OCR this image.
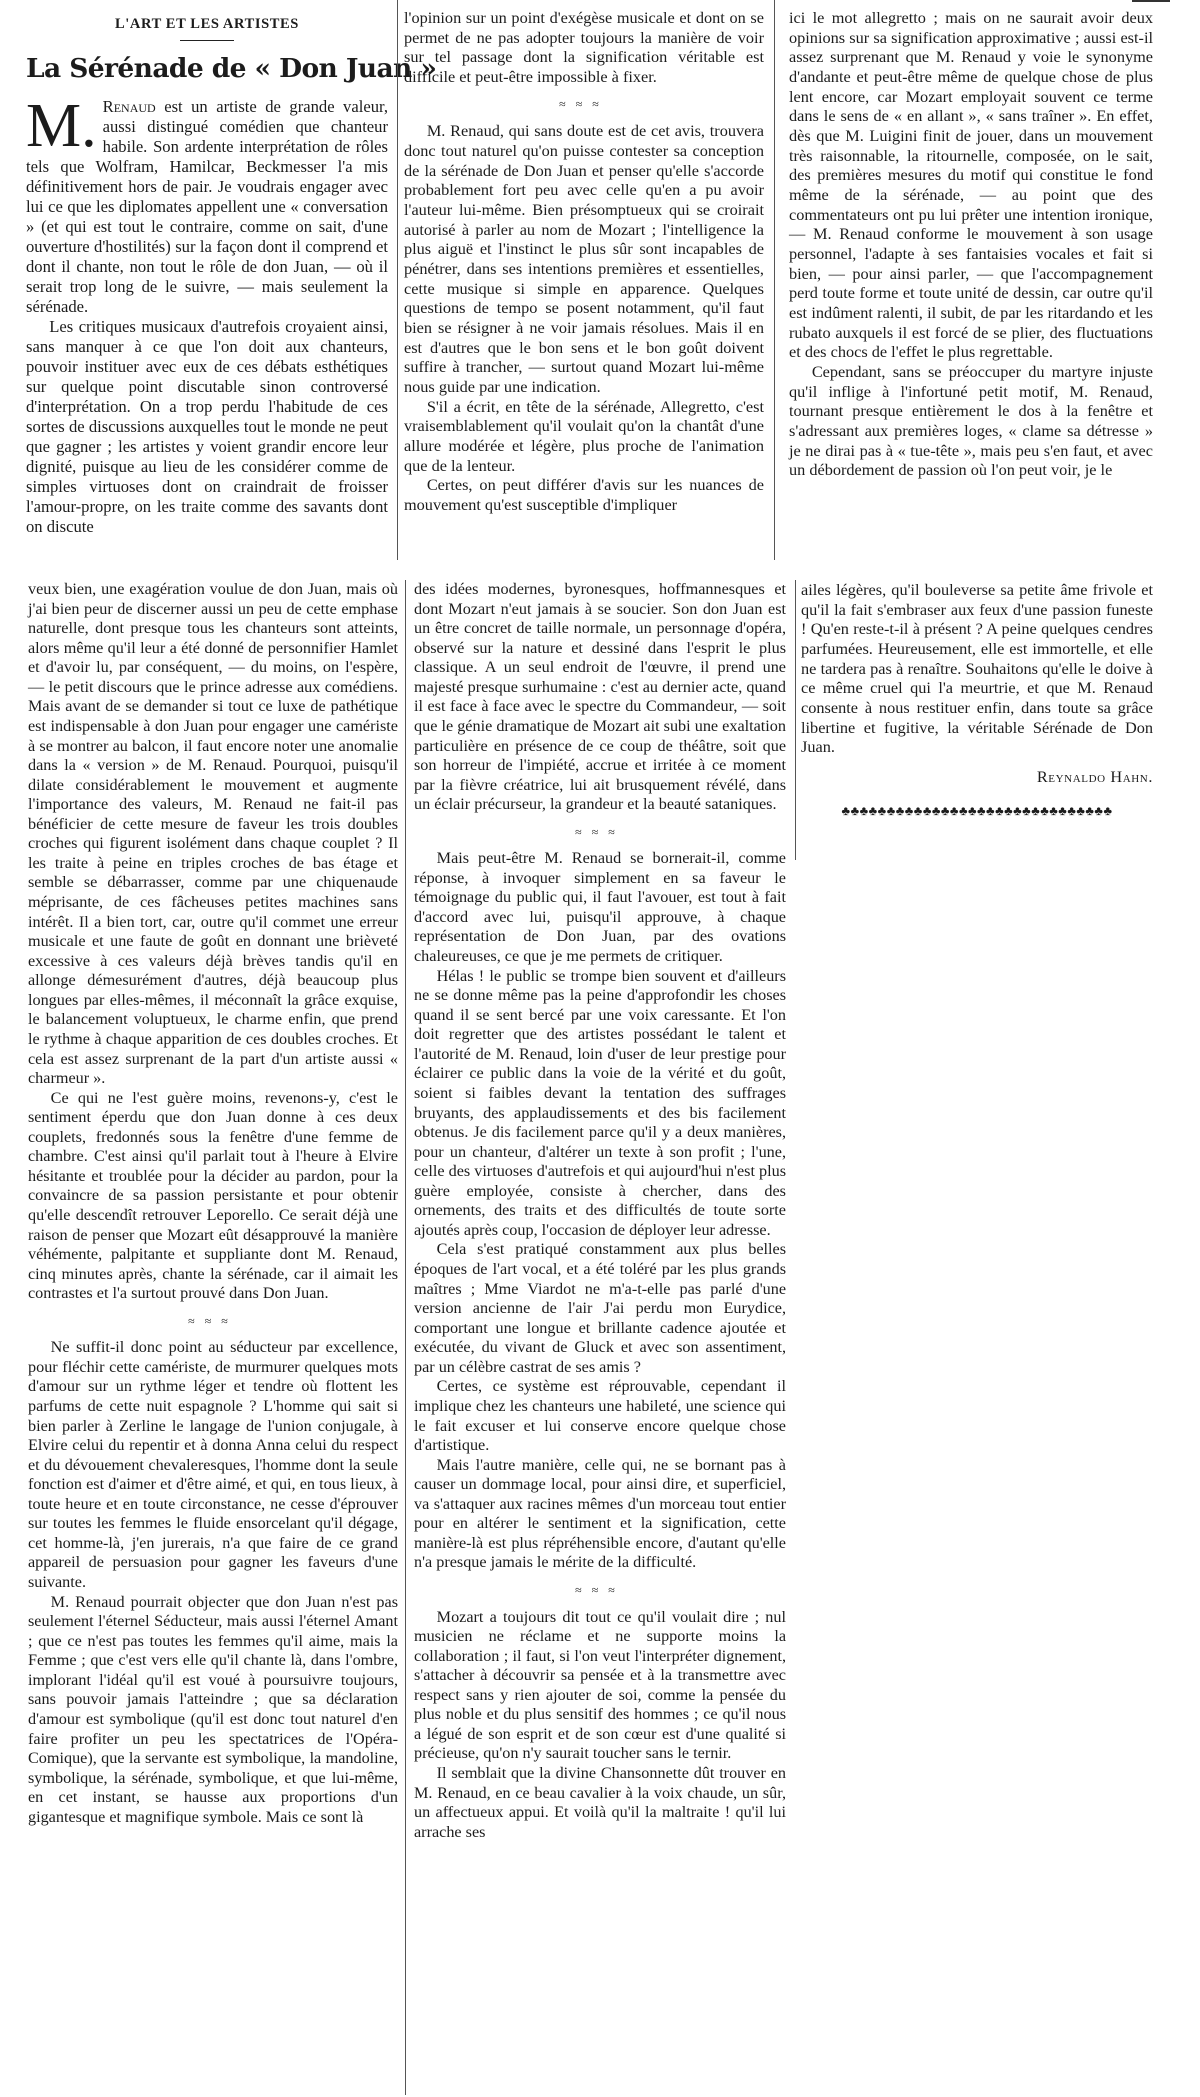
L'ART ET LES ARTISTES
La Sérénade de « Don Juan »

M. Renaud est un artiste de grande valeur, aussi distingué comédien que chanteur habile. Son ardente interprétation de rôles tels que Wolfram, Hamilcar, Beckmesser l'a mis définitivement hors de pair. Je voudrais engager avec lui ce que les diplomates appellent une « conversation » (et qui est tout le contraire, comme on sait, d'une ouverture d'hostilités) sur la façon dont il comprend et dont il chante, non tout le rôle de don Juan, — où il serait trop long de le suivre, — mais seulement la sérénade.

Les critiques musicaux d'autrefois croyaient ainsi, sans manquer à ce que l'on doit aux chanteurs, pouvoir instituer avec eux de ces débats esthétiques sur quelque point discutable sinon controversé d'interprétation. On a trop perdu l'habitude de ces sortes de discussions auxquelles tout le monde ne peut que gagner ; les artistes y voient grandir encore leur dignité, puisque au lieu de les considérer comme de simples virtuoses dont on craindrait de froisser l'amour-propre, on les traite comme des savants dont on discute

l'opinion sur un point d'exégèse musicale et dont on se permet de ne pas adopter toujours la manière de voir sur tel passage dont la signification véritable est difficile et peut-être impossible à fixer.

≈≈≈

M. Renaud, qui sans doute est de cet avis, trouvera donc tout naturel qu'on puisse contester sa conception de la sérénade de Don Juan et penser qu'elle s'accorde probablement fort peu avec celle qu'en a pu avoir l'auteur lui-même. Bien présomptueux qui se croirait autorisé à parler au nom de Mozart ; l'intelligence la plus aiguë et l'instinct le plus sûr sont incapables de pénétrer, dans ses intentions premières et essentielles, cette musique si simple en apparence. Quelques questions de tempo se posent notamment, qu'il faut bien se résigner à ne voir jamais résolues. Mais il en est d'autres que le bon sens et le bon goût doivent suffire à trancher, — surtout quand Mozart lui-même nous guide par une indication.

S'il a écrit, en tête de la sérénade, Allegretto, c'est vraisemblablement qu'il voulait qu'on la chantât d'une allure modérée et légère, plus proche de l'animation que de la lenteur.

Certes, on peut différer d'avis sur les nuances de mouvement qu'est susceptible d'impliquer

ici le mot allegretto ; mais on ne saurait avoir deux opinions sur sa signification approximative ; aussi est-il assez surprenant que M. Renaud y voie le synonyme d'andante et peut-être même de quelque chose de plus lent encore, car Mozart employait souvent ce terme dans le sens de « en allant », « sans traîner ». En effet, dès que M. Luigini finit de jouer, dans un mouvement très raisonnable, la ritournelle, composée, on le sait, des premières mesures du motif qui constitue le fond même de la sérénade, — au point que des commentateurs ont pu lui prêter une intention ironique, — M. Renaud conforme le mouvement à son usage personnel, l'adapte à ses fantaisies vocales et fait si bien, — pour ainsi parler, — que l'accompagnement perd toute forme et toute unité de dessin, car outre qu'il est indûment ralenti, il subit, de par les ritardando et les rubato auxquels il est forcé de se plier, des fluctuations et des chocs de l'effet le plus regrettable.

Cependant, sans se préoccuper du martyre injuste qu'il inflige à l'infortuné petit motif, M. Renaud, tournant presque entièrement le dos à la fenêtre et s'adressant aux premières loges, « clame sa détresse » je ne dirai pas à « tue-tête », mais peu s'en faut, et avec un débordement de passion où l'on peut voir, je le

veux bien, une exagération voulue de don Juan, mais où j'ai bien peur de discerner aussi un peu de cette emphase naturelle, dont presque tous les chanteurs sont atteints, alors même qu'il leur a été donné de personnifier Hamlet et d'avoir lu, par conséquent, — du moins, on l'espère, — le petit discours que le prince adresse aux comédiens. Mais avant de se demander si tout ce luxe de pathétique est indispensable à don Juan pour engager une camériste à se montrer au balcon, il faut encore noter une anomalie dans la « version » de M. Renaud. Pourquoi, puisqu'il dilate considérablement le mouvement et augmente l'importance des valeurs, M. Renaud ne fait-il pas bénéficier de cette mesure de faveur les trois doubles croches qui figurent isolément dans chaque couplet ? Il les traite à peine en triples croches de bas étage et semble se débarrasser, comme par une chiquenaude méprisante, de ces fâcheuses petites machines sans intérêt. Il a bien tort, car, outre qu'il commet une erreur musicale et une faute de goût en donnant une brièveté excessive à ces valeurs déjà brèves tandis qu'il en allonge démesurément d'autres, déjà beaucoup plus longues par elles-mêmes, il méconnaît la grâce exquise, le balancement voluptueux, le charme enfin, que prend le rythme à chaque apparition de ces doubles croches. Et cela est assez surprenant de la part d'un artiste aussi « charmeur ».

Ce qui ne l'est guère moins, revenons-y, c'est le sentiment éperdu que don Juan donne à ces deux couplets, fredonnés sous la fenêtre d'une femme de chambre. C'est ainsi qu'il parlait tout à l'heure à Elvire hésitante et troublée pour la décider au pardon, pour la convaincre de sa passion persistante et pour obtenir qu'elle descendît retrouver Leporello. Ce serait déjà une raison de penser que Mozart eût désapprouvé la manière véhémente, palpitante et suppliante dont M. Renaud, cinq minutes après, chante la sérénade, car il aimait les contrastes et l'a surtout prouvé dans Don Juan.

≈≈≈

Ne suffit-il donc point au séducteur par excellence, pour fléchir cette camériste, de murmurer quelques mots d'amour sur un rythme léger et tendre où flottent les parfums de cette nuit espagnole ? L'homme qui sait si bien parler à Zerline le langage de l'union conjugale, à Elvire celui du repentir et à donna Anna celui du respect et du dévouement chevaleresques, l'homme dont la seule fonction est d'aimer et d'être aimé, et qui, en tous lieux, à toute heure et en toute circonstance, ne cesse d'éprouver sur toutes les femmes le fluide ensorcelant qu'il dégage, cet homme-là, j'en jurerais, n'a que faire de ce grand appareil de persuasion pour gagner les faveurs d'une suivante.

M. Renaud pourrait objecter que don Juan n'est pas seulement l'éternel Séducteur, mais aussi l'éternel Amant ; que ce n'est pas toutes les femmes qu'il aime, mais la Femme ; que c'est vers elle qu'il chante là, dans l'ombre, implorant l'idéal qu'il est voué à poursuivre toujours, sans pouvoir jamais l'atteindre ; que sa déclaration d'amour est symbolique (qu'il est donc tout naturel d'en faire profiter un peu les spectatrices de l'Opéra-Comique), que la servante est symbolique, la mandoline, symbolique, la sérénade, symbolique, et que lui-même, en cet instant, se hausse aux proportions d'un gigantesque et magnifique symbole. Mais ce sont là

des idées modernes, byronesques, hoffmannesques et dont Mozart n'eut jamais à se soucier. Son don Juan est un être concret de taille normale, un personnage d'opéra, observé sur la nature et dessiné dans l'esprit le plus classique. A un seul endroit de l'œuvre, il prend une majesté presque surhumaine : c'est au dernier acte, quand il est face à face avec le spectre du Commandeur, — soit que le génie dramatique de Mozart ait subi une exaltation particulière en présence de ce coup de théâtre, soit que son horreur de l'impiété, accrue et irritée à ce moment par la fièvre créatrice, lui ait brusquement révélé, dans un éclair précurseur, la grandeur et la beauté sataniques.

≈≈≈

Mais peut-être M. Renaud se bornerait-il, comme réponse, à invoquer simplement en sa faveur le témoignage du public qui, il faut l'avouer, est tout à fait d'accord avec lui, puisqu'il approuve, à chaque représentation de Don Juan, par des ovations chaleureuses, ce que je me permets de critiquer.

Hélas ! le public se trompe bien souvent et d'ailleurs ne se donne même pas la peine d'approfondir les choses quand il se sent bercé par une voix caressante. Et l'on doit regretter que des artistes possédant le talent et l'autorité de M. Renaud, loin d'user de leur prestige pour éclairer ce public dans la voie de la vérité et du goût, soient si faibles devant la tentation des suffrages bruyants, des applaudissements et des bis facilement obtenus. Je dis facilement parce qu'il y a deux manières, pour un chanteur, d'altérer un texte à son profit ; l'une, celle des virtuoses d'autrefois et qui aujourd'hui n'est plus guère employée, consiste à chercher, dans des ornements, des traits et des difficultés de toute sorte ajoutés après coup, l'occasion de déployer leur adresse.

Cela s'est pratiqué constamment aux plus belles époques de l'art vocal, et a été toléré par les plus grands maîtres ; Mme Viardot ne m'a-t-elle pas parlé d'une version ancienne de l'air J'ai perdu mon Eurydice, comportant une longue et brillante cadence ajoutée et exécutée, du vivant de Gluck et avec son assentiment, par un célèbre castrat de ses amis ?

Certes, ce système est réprouvable, cependant il implique chez les chanteurs une habileté, une science qui le fait excuser et lui conserve encore quelque chose d'artistique.

Mais l'autre manière, celle qui, ne se bornant pas à causer un dommage local, pour ainsi dire, et superficiel, va s'attaquer aux racines mêmes d'un morceau tout entier pour en altérer le sentiment et la signification, cette manière-là est plus répréhensible encore, d'autant qu'elle n'a presque jamais le mérite de la difficulté.

≈≈≈

Mozart a toujours dit tout ce qu'il voulait dire ; nul musicien ne réclame et ne supporte moins la collaboration ; il faut, si l'on veut l'interpréter dignement, s'attacher à découvrir sa pensée et à la transmettre avec respect sans y rien ajouter de soi, comme la pensée du plus noble et du plus sensitif des hommes ; ce qu'il nous a légué de son esprit et de son cœur est d'une qualité si précieuse, qu'on n'y saurait toucher sans le ternir.

Il semblait que la divine Chansonnette dût trouver en M. Renaud, en ce beau cavalier à la voix chaude, un sûr, un affectueux appui. Et voilà qu'il la maltraite ! qu'il lui arrache ses

ailes légères, qu'il bouleverse sa petite âme frivole et qu'il la fait s'embraser aux feux d'une passion funeste ! Qu'en reste-t-il à présent ? A peine quelques cendres parfumées. Heureusement, elle est immortelle, et elle ne tardera pas à renaître. Souhaitons qu'elle le doive à ce même cruel qui l'a meurtrie, et que M. Renaud consente à nous restituer enfin, dans toute sa grâce libertine et fugitive, la véritable Sérénade de Don Juan.

Reynaldo Hahn.
♣♣♣♣♣♣♣♣♣♣♣♣♣♣♣♣♣♣♣♣♣♣♣♣♣♣♣♣♣♣
